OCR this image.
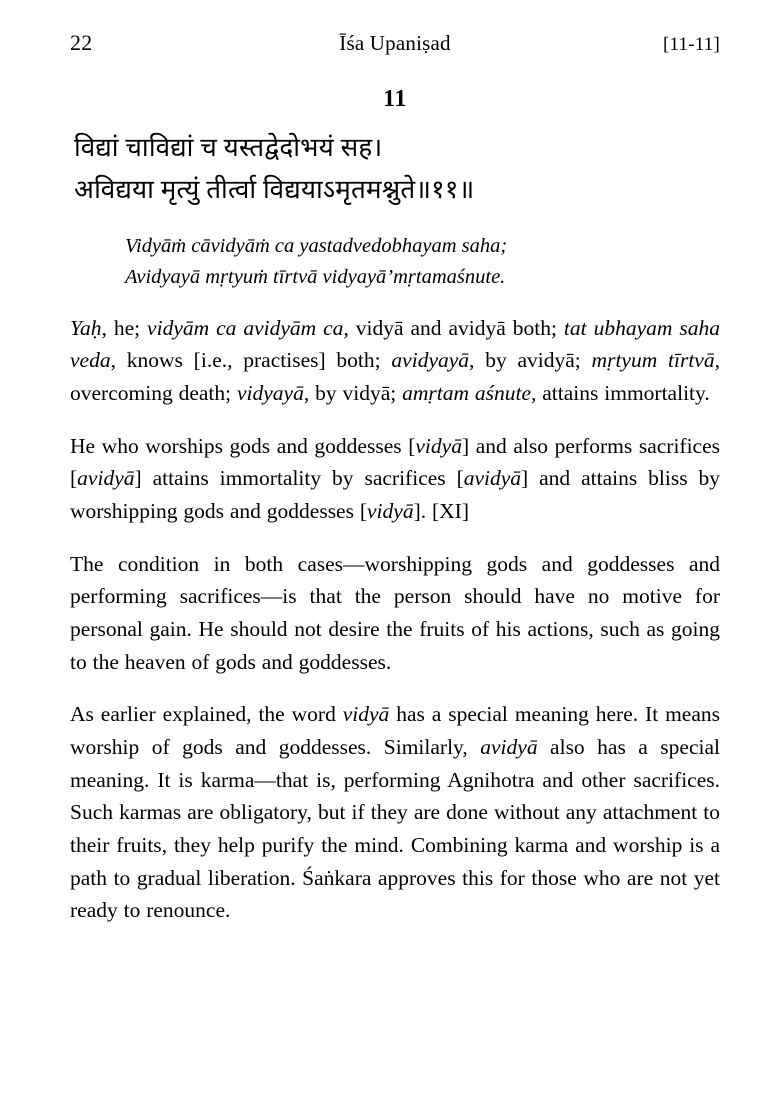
22	Īśa Upaniṣad	[11-11]
11
विद्यां चाविद्यां च यस्तद्वेदोभयं सह।
अविद्यया मृत्युं तीर्त्वा विद्ययाऽमृतमश्नुते॥११॥
Vidyāṁ cāvidyāṁ ca yastadvedobhayam saha;
Avidyayā mṛtyuṁ tīrtvā vidyayā’mṛtamaśnute.

Yaḥ, he; vidyām ca avidyām ca, vidyā and avidyā both; tat ubhayam saha veda, knows [i.e., practises] both; avidyayā, by avidyā; mṛtyum tīrtvā, overcoming death; vidyayā, by vidyā; amṛtam aśnute, attains immortality.

He who worships gods and goddesses [vidyā] and also performs sacrifices [avidyā] attains immortality by sacrifices [avidyā] and attains bliss by worshipping gods and goddesses [vidyā]. [XI]

The condition in both cases—worshipping gods and goddesses and performing sacrifices—is that the person should have no motive for personal gain. He should not desire the fruits of his actions, such as going to the heaven of gods and goddesses.

As earlier explained, the word vidyā has a special meaning here. It means worship of gods and goddesses. Similarly, avidyā also has a special meaning. It is karma—that is, performing Agnihotra and other sacrifices. Such karmas are obligatory, but if they are done without any attachment to their fruits, they help purify the mind. Combining karma and worship is a path to gradual liberation. Śaṅkara approves this for those who are not yet ready to renounce.
